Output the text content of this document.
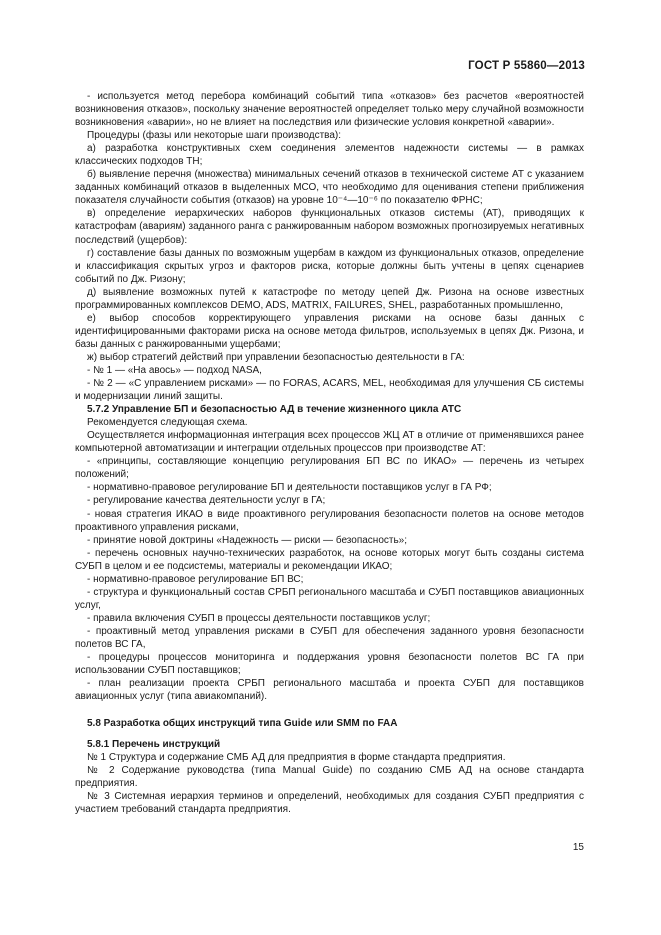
ГОСТ Р 55860—2013

- используется метод перебора комбинаций событий типа «отказов» без расчетов «вероятностей возникновения отказов», поскольку значение вероятностей определяет только меру случайной возможности возникновения «аварии», но не влияет на последствия или физические условия конкретной «аварии».

Процедуры (фазы или некоторые шаги производства):

а) разработка конструктивных схем соединения элементов надежности системы — в рамках классических подходов ТН;

б) выявление перечня (множества) минимальных сечений отказов в технической системе АТ с указанием заданных комбинаций отказов в выделенных МСО, что необходимо для оценивания степени приближения показателя случайности события (отказов) на уровне 10⁻⁴—10⁻⁶ по показателю ФРНС;

в) определение иерархических наборов функциональных отказов системы (АТ), приводящих к катастрофам (авариям) заданного ранга с ранжированным набором возможных прогнозируемых негативных последствий (ущербов):

г) составление базы данных по возможным ущербам в каждом из функциональных отказов, определение и классификация скрытых угроз и факторов риска, которые должны быть учтены в цепях сценариев событий по Дж. Ризону;

д) выявление возможных путей к катастрофе по методу цепей Дж. Ризона на основе известных программированных комплексов DEMO, ADS, MATRIX, FAILURES, SHEL, разработанных промышленно,

е) выбор способов корректирующего управления рисками на основе базы данных с идентифицированными факторами риска на основе метода фильтров, используемых в цепях Дж. Ризона, и базы данных с ранжированными ущербами;

ж) выбор стратегий действий при управлении безопасностью деятельности в ГА:

- № 1 — «На авось» — подход NASA,

- № 2 — «С управлением рисками» — по FORAS, ACARS, MEL, необходимая для улучшения СБ системы и модернизации линий защиты.

5.7.2 Управление БП и безопасностью АД в течение жизненного цикла АТС

Рекомендуется следующая схема.

Осуществляется информационная интеграция всех процессов ЖЦ АТ в отличие от применявшихся ранее компьютерной автоматизации и интеграции отдельных процессов при производстве АТ:

- «принципы, составляющие концепцию регулирования БП ВС по ИКАО» — перечень из четырех положений;

- нормативно-правовое регулирование БП и деятельности поставщиков услуг в ГА РФ;

- регулирование качества деятельности услуг в ГА;

- новая стратегия ИКАО в виде проактивного регулирования безопасности полетов на основе методов проактивного управления рисками,

- принятие новой доктрины «Надежность — риски — безопасность»;

- перечень основных научно-технических разработок, на основе которых могут быть созданы система СУБП в целом и ее подсистемы, материалы и рекомендации ИКАО;

- нормативно-правовое регулирование БП ВС;

- структура и функциональный состав СРБП регионального масштаба и СУБП поставщиков авиационных услуг,

- правила включения СУБП в процессы деятельности поставщиков услуг;

- проактивный метод управления рисками в СУБП для обеспечения заданного уровня безопасности полетов ВС ГА,

- процедуры процессов мониторинга и поддержания уровня безопасности полетов ВС ГА при использовании СУБП поставщиков;

- план реализации проекта СРБП регионального масштаба и проекта СУБП для поставщиков авиационных услуг (типа авиакомпаний).

5.8 Разработка общих инструкций типа Guide или SMM по FAA

5.8.1 Перечень инструкций

№ 1 Структура и содержание СМБ АД для предприятия в форме стандарта предприятия.

№ 2 Содержание руководства (типа Manual Guide) по созданию СМБ АД на основе стандарта предприятия.

№ 3 Системная иерархия терминов и определений, необходимых для создания СУБП предприятия с участием требований стандарта предприятия.

15
